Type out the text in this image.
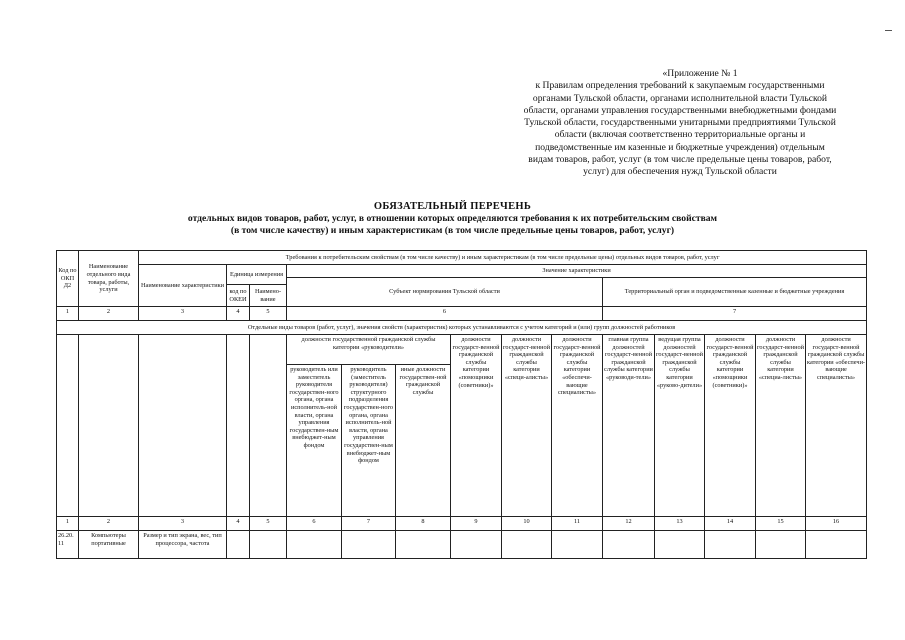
«Приложение № 1
к Правилам определения требований к закупаемым государственными
органами Тульской области, органами исполнительной власти Тульской
области, органами управления государственными внебюджетными фондами
Тульской области, государственными унитарными предприятиями Тульской
области (включая соответственно территориальные органы и
подведомственные им казенные и бюджетные учреждения) отдельным
видам товаров, работ, услуг (в том числе предельные цены товаров, работ,
услуг) для обеспечения нужд Тульской области
ОБЯЗАТЕЛЬНЫЙ ПЕРЕЧЕНЬ
отдельных видов товаров, работ, услуг, в отношении которых определяются требования к их потребительским свойствам
(в том числе качеству) и иным характеристикам (в том числе предельные цены товаров, работ, услуг)
Код по ОКП Д2	Наименование отдельного вида товара, работы, услуги	Требования к потребительским свойствам (в том числе качеству) и иным характеристикам (в том числе предельные цены) отдельных видов товаров, работ, услуг													
		Наименование характеристики	Единица измерения		Значение характеристики										
					Субъект нормирования Тульской области						Территориальный орган и подведомственные казенные и бюджетные учреждения				
			код по ОКЕИ	Наимено-вание											
1	2	3	4	5	6						7				
Отдельные виды товаров (работ, услуг), значения свойств (характеристик) которых устанавливаются с учетом категорий и (или) групп должностей работников															
					должности государственной гражданской службы категории «руководители»			должности государст-венной гражданской службы категории «помощники (советники)»	должности государст-венной гражданской службы категории «специ-алисты»	должности государст-венной гражданской службы категории «обеспечи-вающие специалисты»	главная группа должностей государст-венной гражданской службы категории «руководи-тели»	ведущая группа должностей государст-венной гражданской службы категории «руково-дители»	должности государст-венной гражданской службы категории «помощники (советники)»	должности государст-венной гражданской службы категории «специа-листы»	должности государст-венной гражданской службы категории «обеспечи-вающие специалисты»
					руководитель или заместитель руководителя государствен-ного органа, органа исполнитель-ной власти, органа управления государствен-ным внебюджет-ным фондом	руководитель (заместитель руководителя) структурного подразделения государствен-ного органа, органа исполнитель-ной власти, органа управления государствен-ным внебюджет-ным фондом	иные должности государствен-ной гражданской службы								
1	2	3	4	5	6	7	8	9	10	11	12	13	14	15	16
26.20. 11	Компьютеры портативные	Размер и тип экрана, вес, тип процессора, частота													
